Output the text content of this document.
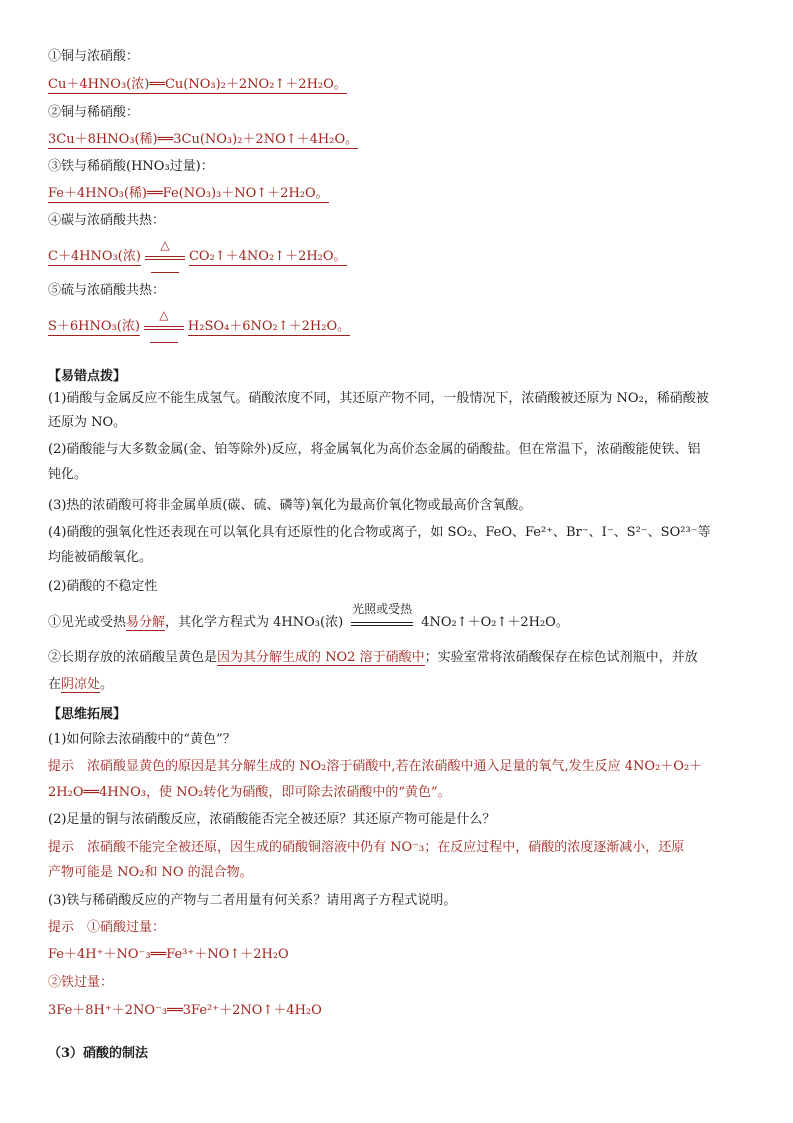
①铜与浓硝酸：
Cu＋4HNO₃(浓)══Cu(NO₃)₂＋2NO₂↑＋2H₂O。
②铜与稀硝酸：
3Cu＋8HNO₃(稀)══3Cu(NO₃)₂＋2NO↑＋4H₂O。
③铁与稀硝酸(HNO₃过量)：
Fe＋4HNO₃(稀)══Fe(NO₃)₃＋NO↑＋2H₂O。
④碳与浓硝酸共热：
C＋4HNO₃(浓)
△
CO₂↑＋4NO₂↑＋2H₂O。
⑤硫与浓硝酸共热：
S＋6HNO₃(浓)
△
H₂SO₄＋6NO₂↑＋2H₂O。
【易错点拨】
(1)硝酸与金属反应不能生成氢气。硝酸浓度不同，其还原产物不同，一般情况下，浓硝酸被还原为 NO₂，稀硝酸被
还原为 NO。
(2)硝酸能与大多数金属(金、铂等除外)反应，将金属氧化为高价态金属的硝酸盐。但在常温下，浓硝酸能使铁、铝
钝化。
(3)热的浓硝酸可将非金属单质(碳、硫、磷等)氧化为最高价氧化物或最高价含氧酸。
(4)硝酸的强氧化性还表现在可以氧化具有还原性的化合物或离子，如 SO₂、FeO、Fe²⁺、Br⁻、I⁻、S²⁻、SO²³⁻等
均能被硝酸氧化。
(2)硝酸的不稳定性
①见光或受热易分解，其化学方程式为 4HNO₃(浓)
光照或受热
4NO₂↑＋O₂↑＋2H₂O。
②长期存放的浓硝酸呈黄色是因为其分解生成的 NO2 溶于硝酸中；实验室常将浓硝酸保存在棕色试剂瓶中，并放
在阴凉处。
【思维拓展】
(1)如何除去浓硝酸中的“黄色”？
提示　浓硝酸显黄色的原因是其分解生成的 NO₂溶于硝酸中,若在浓硝酸中通入足量的氧气,发生反应 4NO₂＋O₂＋
2H₂O══4HNO₃，使 NO₂转化为硝酸，即可除去浓硝酸中的“黄色”。
(2)足量的铜与浓硝酸反应，浓硝酸能否完全被还原？其还原产物可能是什么？
提示　浓硝酸不能完全被还原，因生成的硝酸铜溶液中仍有 NO⁻₃；在反应过程中，硝酸的浓度逐渐减小，还原
产物可能是 NO₂和 NO 的混合物。
(3)铁与稀硝酸反应的产物与二者用量有何关系？请用离子方程式说明。
提示　①硝酸过量：
Fe＋4H⁺＋NO⁻₃══Fe³⁺＋NO↑＋2H₂O
②铁过量：
3Fe＋8H⁺＋2NO⁻₃══3Fe²⁺＋2NO↑＋4H₂O
（3）硝酸的制法
